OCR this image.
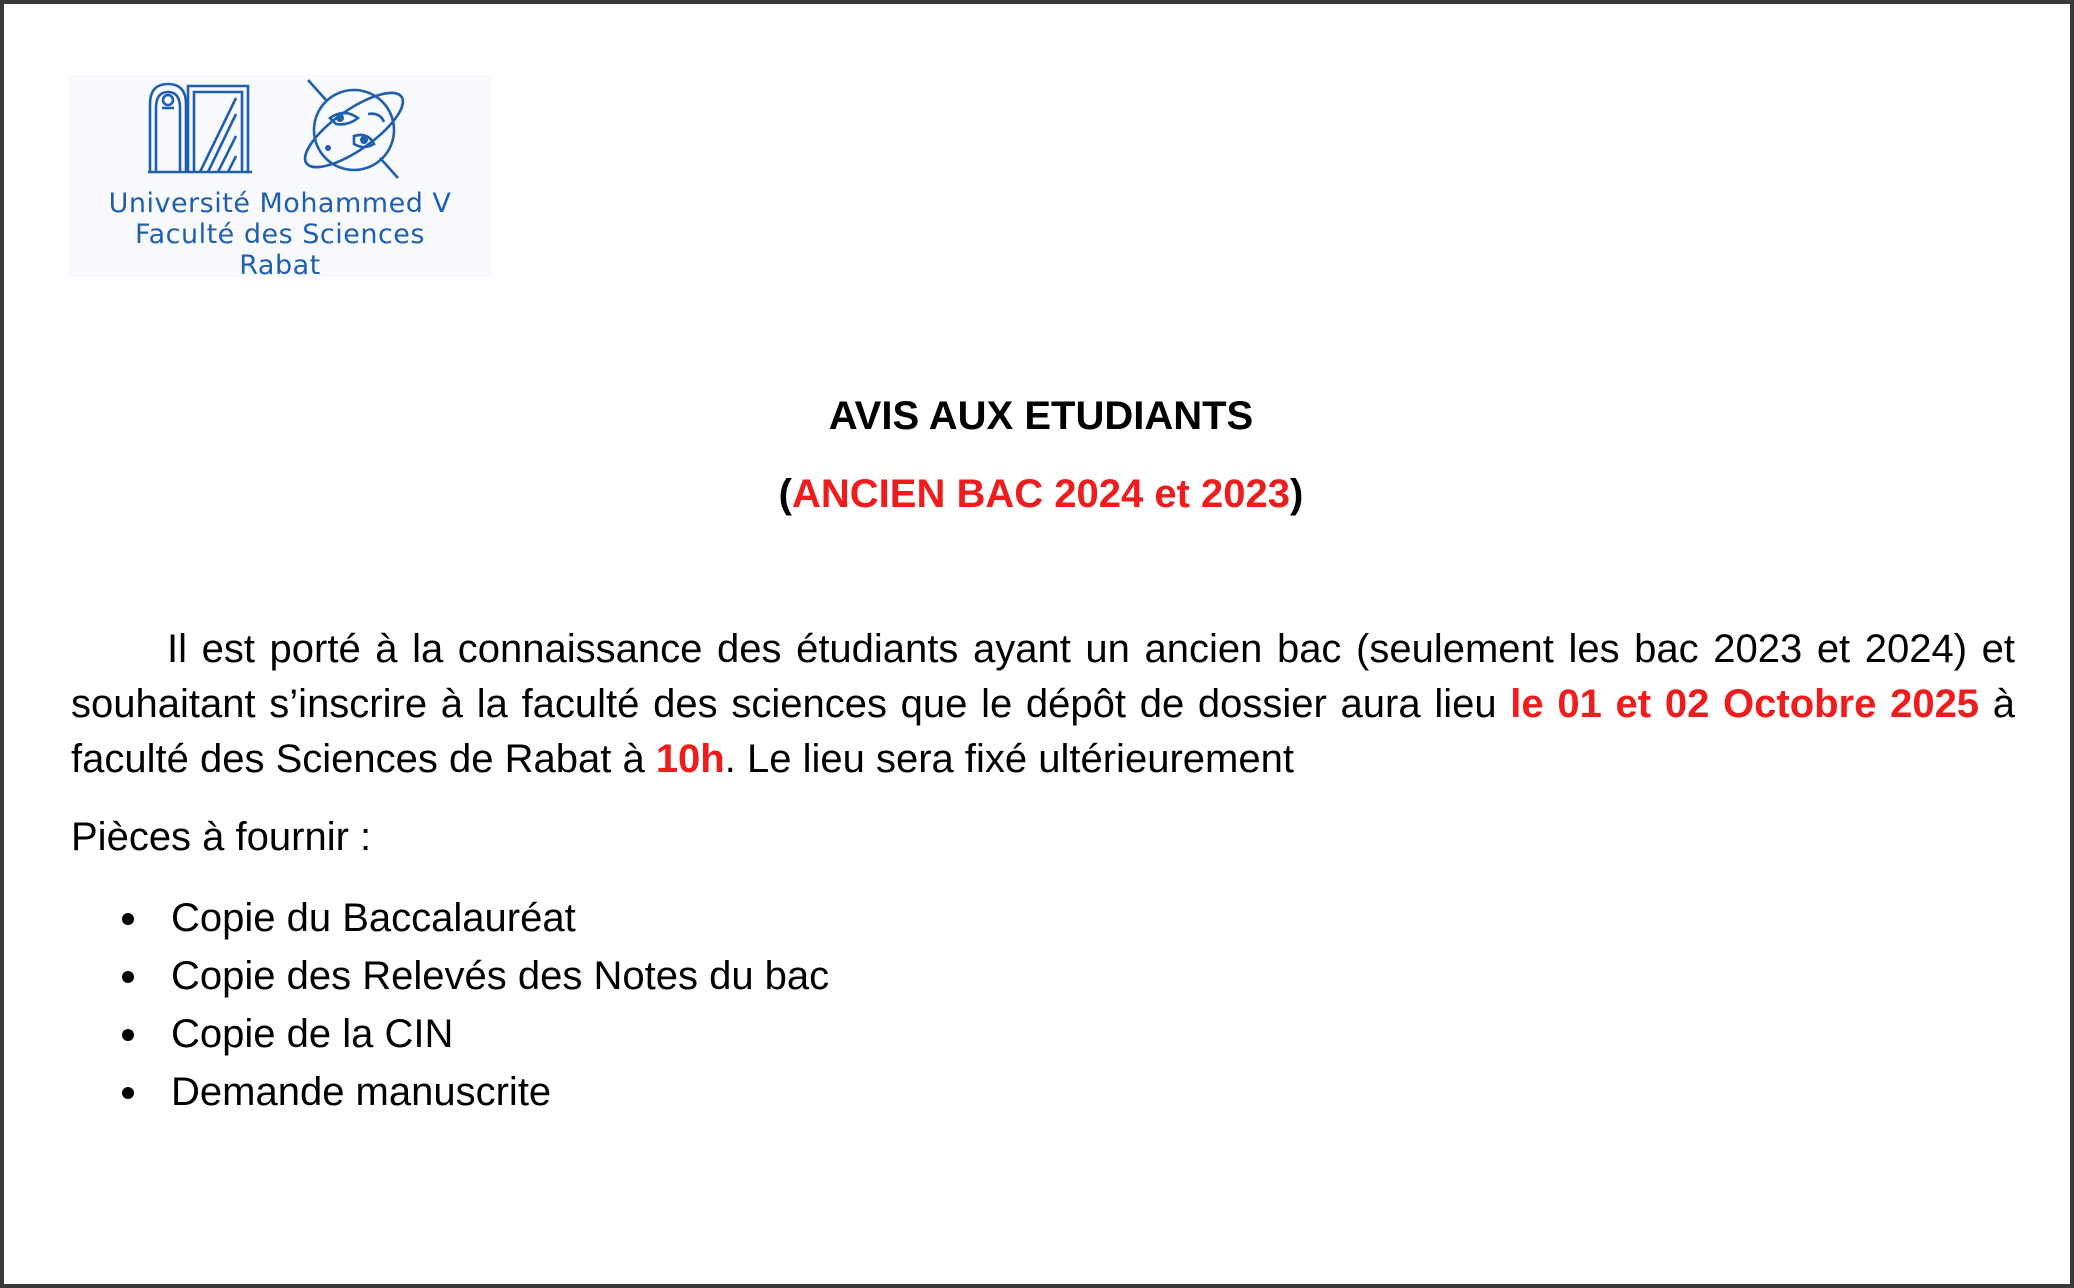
Université Mohammed V
Faculté des Sciences
Rabat
AVIS AUX ETUDIANTS
(ANCIEN BAC 2024 et 2023)
Il est porté à la connaissance des étudiants ayant un ancien bac (seulement les bac 2023 et 2024) et souhaitant s’inscrire à la faculté des sciences que le dépôt de dossier aura lieu le 01 et 02 Octobre 2025 à faculté des Sciences de Rabat à 10h. Le lieu sera fixé ultérieurement
Pièces à fournir :
Copie du Baccalauréat
Copie des Relevés des Notes du bac
Copie de la CIN
Demande manuscrite
